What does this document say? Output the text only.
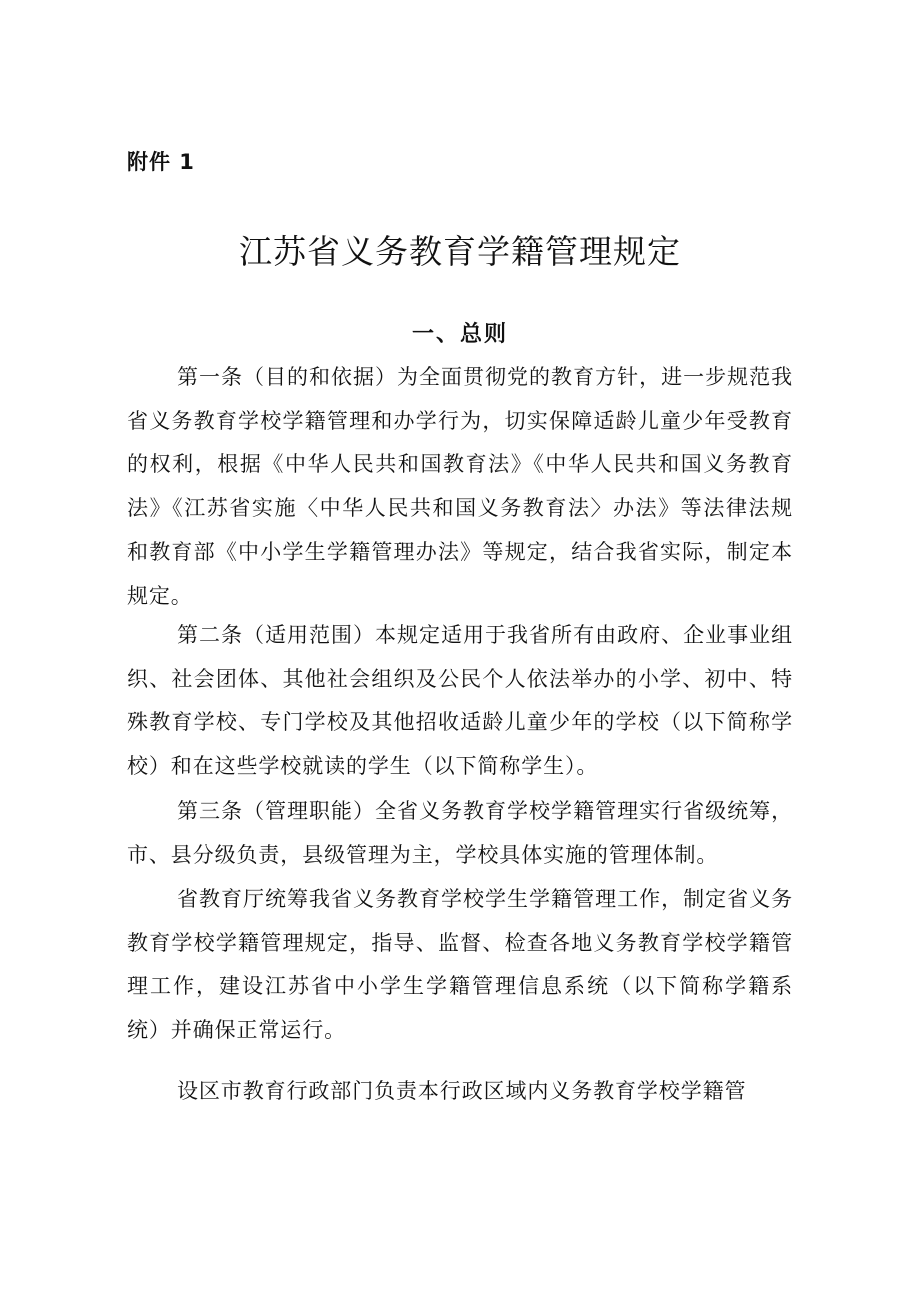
附件 1
江苏省义务教育学籍管理规定
一、总则

第一条（目的和依据）为全面贯彻党的教育方针，进一步规范我省义务教育学校学籍管理和办学行为，切实保障适龄儿童少年受教育的权利，根据《中华人民共和国教育法》《中华人民共和国义务教育法》《江苏省实施〈中华人民共和国义务教育法〉办法》等法律法规和教育部《中小学生学籍管理办法》等规定，结合我省实际，制定本规定。

第二条（适用范围）本规定适用于我省所有由政府、企业事业组织、社会团体、其他社会组织及公民个人依法举办的小学、初中、特殊教育学校、专门学校及其他招收适龄儿童少年的学校（以下简称学校）和在这些学校就读的学生（以下简称学生）。

第三条（管理职能）全省义务教育学校学籍管理实行省级统筹，市、县分级负责，县级管理为主，学校具体实施的管理体制。

省教育厅统筹我省义务教育学校学生学籍管理工作，制定省义务教育学校学籍管理规定，指导、监督、检查各地义务教育学校学籍管理工作，建设江苏省中小学生学籍管理信息系统（以下简称学籍系统）并确保正常运行。

设区市教育行政部门负责本行政区域内义务教育学校学籍管
